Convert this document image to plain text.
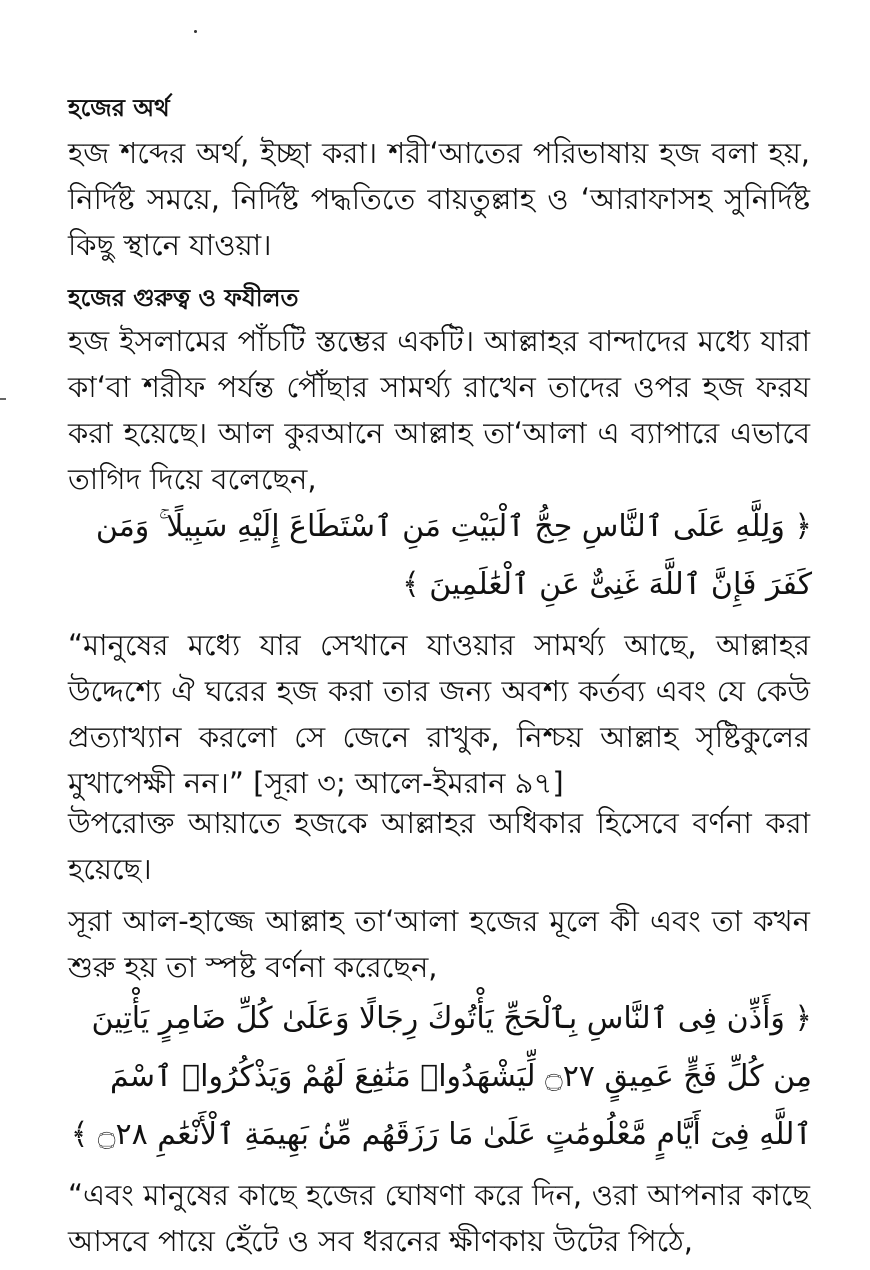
হজের অর্থ

হজ শব্দের অর্থ, ইচ্ছা করা। শরী‘আতের পরিভাষায় হজ বলা হয়, নির্দিষ্ট সময়ে, নির্দিষ্ট পদ্ধতিতে বায়তুল্লাহ ও ‘আরাফাসহ সুনির্দিষ্ট কিছু স্থানে যাওয়া।

হজের গুরুত্ব ও ফযীলত

হজ ইসলামের পাঁচটি স্তম্ভের একটি। আল্লাহর বান্দাদের মধ্যে যারা কা‘বা শরীফ পর্যন্ত পৌঁছার সামর্থ্য রাখেন তাদের ওপর হজ ফরয করা হয়েছে। আল কুরআনে আল্লাহ তা‘আলা এ ব্যাপারে এভাবে তাগিদ দিয়ে বলেছেন,

﴿ وَلِلَّهِ عَلَى ٱلنَّاسِ حِجُّ ٱلْبَيْتِ مَنِ ٱسْتَطَاعَ إِلَيْهِ سَبِيلًا ۚ وَمَن كَفَرَ فَإِنَّ ٱللَّهَ غَنِىٌّ عَنِ ٱلْعَٰلَمِينَ ﴾

“মানুষের মধ্যে যার সেখানে যাওয়ার সামর্থ্য আছে, আল্লাহর উদ্দেশ্যে ঐ ঘরের হজ করা তার জন্য অবশ্য কর্তব্য এবং যে কেউ প্রত্যাখ্যান করলো সে জেনে রাখুক, নিশ্চয় আল্লাহ সৃষ্টিকুলের মুখাপেক্ষী নন।” [সূরা ৩; আলে-ইমরান ৯৭]

উপরোক্ত আয়াতে হজকে আল্লাহর অধিকার হিসেবে বর্ণনা করা হয়েছে।

সূরা আল-হাজ্জে আল্লাহ তা‘আলা হজের মূলে কী এবং তা কখন শুরু হয় তা স্পষ্ট বর্ণনা করেছেন,

﴿ وَأَذِّن فِى ٱلنَّاسِ بِٱلْحَجِّ يَأْتُوكَ رِجَالًا وَعَلَىٰ كُلِّ ضَامِرٍ يَأْتِينَ مِن كُلِّ فَجٍّ عَمِيقٍ ۝٢٧ لِّيَشْهَدُوا۟ مَنَٰفِعَ لَهُمْ وَيَذْكُرُوا۟ ٱسْمَ ٱللَّهِ فِىٓ أَيَّامٍ مَّعْلُومَٰتٍ عَلَىٰ مَا رَزَقَهُم مِّنۢ بَهِيمَةِ ٱلْأَنْعَٰمِ ۝٢٨ ﴾

“এবং মানুষের কাছে হজের ঘোষণা করে দিন, ওরা আপনার কাছে আসবে পায়ে হেঁটে ও সব ধরনের ক্ষীণকায় উটের পিঠে,
